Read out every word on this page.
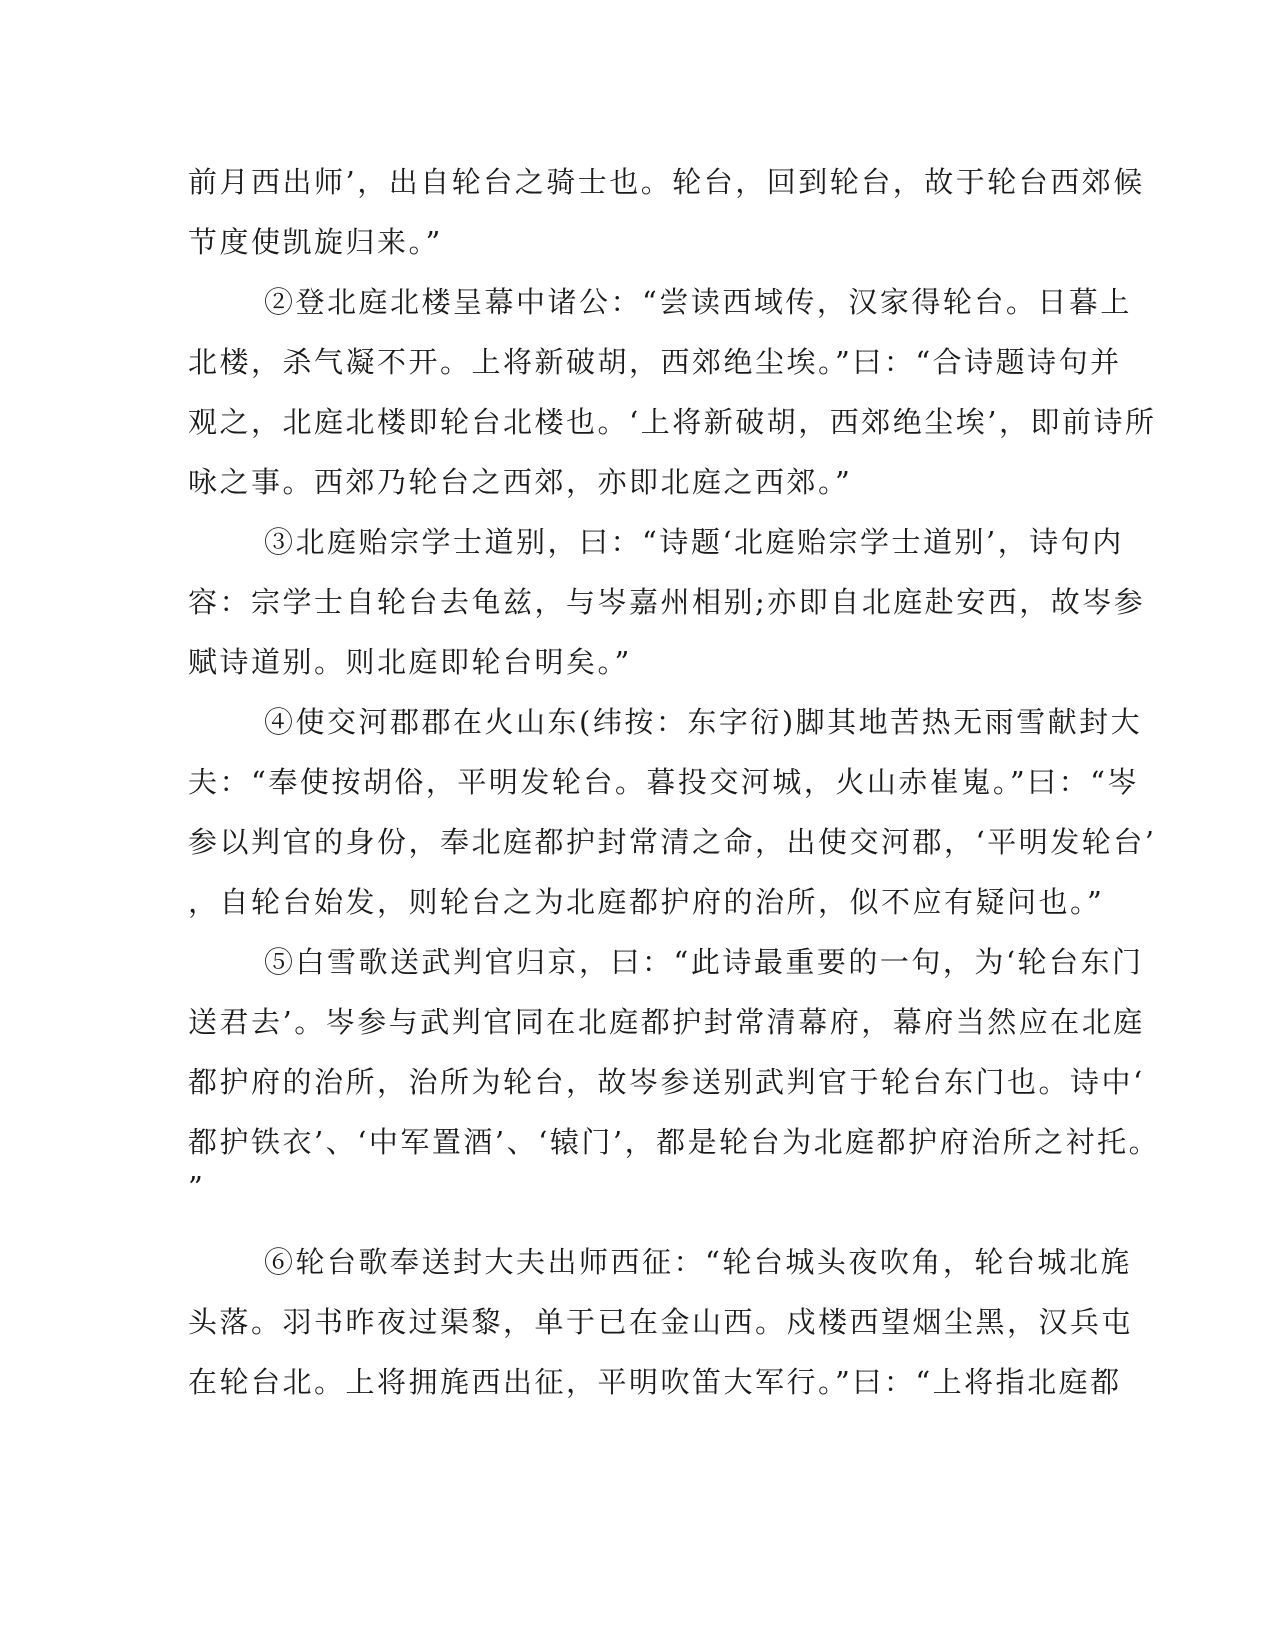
前月西出师’，出自轮台之骑士也。轮台，回到轮台，故于轮台西郊候
节度使凯旋归来。”
②登北庭北楼呈幕中诸公：“尝读西域传，汉家得轮台。日暮上
北楼，杀气凝不开。上将新破胡，西郊绝尘埃。”曰：“合诗题诗句并
观之，北庭北楼即轮台北楼也。‘上将新破胡，西郊绝尘埃’，即前诗所
咏之事。西郊乃轮台之西郊，亦即北庭之西郊。”
③北庭贻宗学士道别，曰：“诗题‘北庭贻宗学士道别’，诗句内
容：宗学士自轮台去龟兹，与岑嘉州相别;亦即自北庭赴安西，故岑参
赋诗道别。则北庭即轮台明矣。”
④使交河郡郡在火山东(纬按：东字衍)脚其地苦热无雨雪献封大
夫：“奉使按胡俗，平明发轮台。暮投交河城，火山赤崔嵬。”曰：“岑
参以判官的身份，奉北庭都护封常清之命，出使交河郡，‘平明发轮台’
，自轮台始发，则轮台之为北庭都护府的治所，似不应有疑问也。”
⑤白雪歌送武判官归京，曰：“此诗最重要的一句，为‘轮台东门
送君去’。岑参与武判官同在北庭都护封常清幕府，幕府当然应在北庭
都护府的治所，治所为轮台，故岑参送别武判官于轮台东门也。诗中‘
都护铁衣’、‘中军置酒’、‘辕门’，都是轮台为北庭都护府治所之衬托。
”
⑥轮台歌奉送封大夫出师西征：“轮台城头夜吹角，轮台城北旄
头落。羽书昨夜过渠黎，单于已在金山西。戍楼西望烟尘黑，汉兵屯
在轮台北。上将拥旄西出征，平明吹笛大军行。”曰：“上将指北庭都
